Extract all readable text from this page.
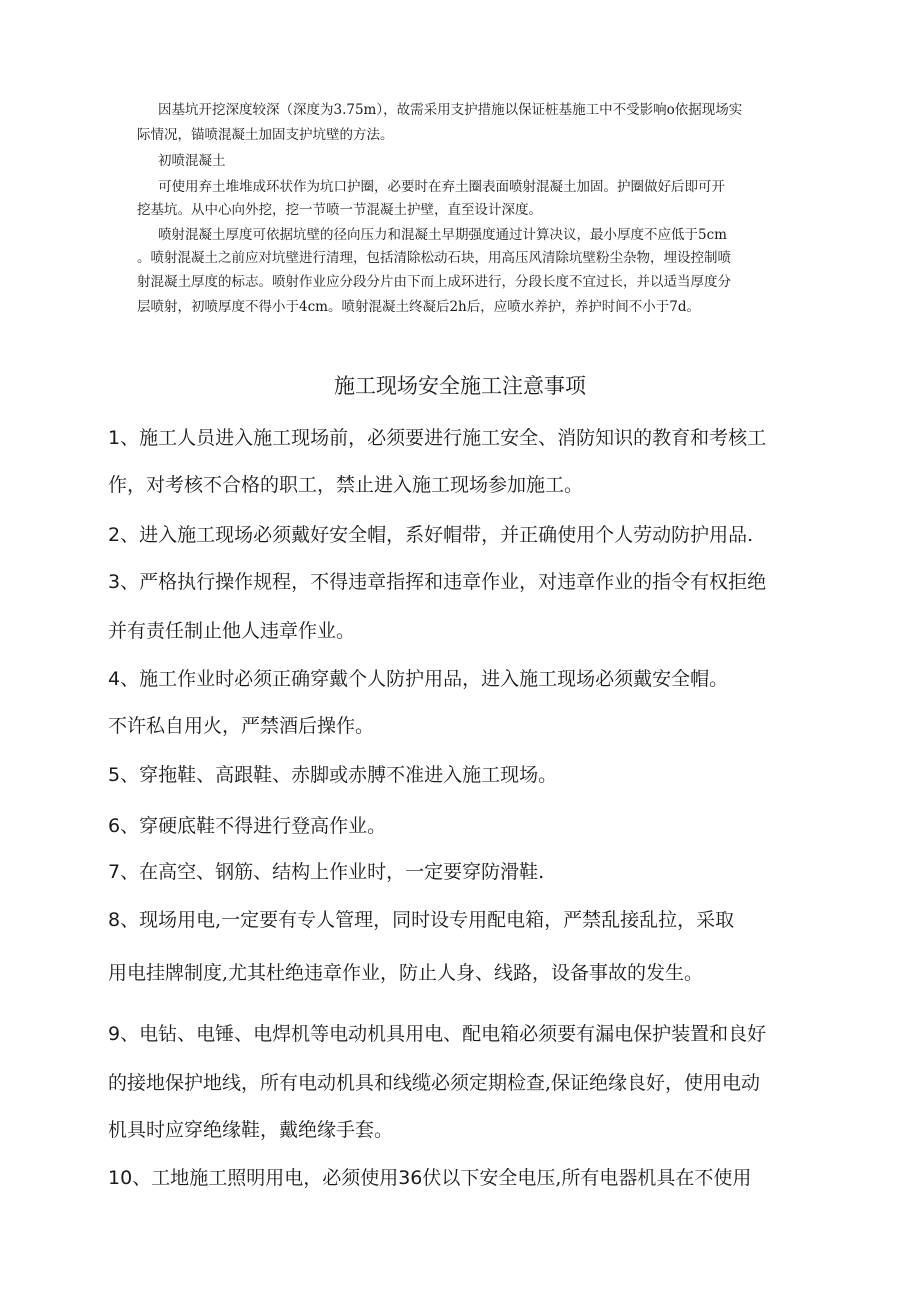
因基坑开挖深度较深（深度为3.75m），故需采用支护措施以保证桩基施工中不受影响o依据现场实
际情况，锚喷混凝土加固支护坑壁的方法。
初喷混凝土
可使用弃土堆堆成环状作为坑口护圈，必要时在弃土圈表面喷射混凝土加固。护圈做好后即可开
挖基坑。从中心向外挖，挖一节喷一节混凝土护壁，直至设计深度。
喷射混凝土厚度可依据坑壁的径向压力和混凝土早期强度通过计算决议，最小厚度不应低于5cm
。喷射混凝土之前应对坑壁进行清理，包括清除松动石块，用高压风清除坑壁粉尘杂物，埋设控制喷
射混凝土厚度的标志。喷射作业应分段分片由下而上成环进行，分段长度不宜过长，并以适当厚度分
层喷射，初喷厚度不得小于4cm。喷射混凝土终凝后2h后，应喷水养护，养护时间不小于7d。
施工现场安全施工注意事项
1、施工人员进入施工现场前，必须要进行施工安全、消防知识的教育和考核工
作，对考核不合格的职工，禁止进入施工现场参加施工。
2、进入施工现场必须戴好安全帽，系好帽带，并正确使用个人劳动防护用品.
3、严格执行操作规程，不得违章指挥和违章作业，对违章作业的指令有权拒绝
并有责任制止他人违章作业。
4、施工作业时必须正确穿戴个人防护用品，进入施工现场必须戴安全帽。
不许私自用火，严禁酒后操作。
5、穿拖鞋、高跟鞋、赤脚或赤膊不准进入施工现场。
6、穿硬底鞋不得进行登高作业。
7、在高空、钢筋、结构上作业时，一定要穿防滑鞋.
8、现场用电,一定要有专人管理，同时设专用配电箱，严禁乱接乱拉，采取
用电挂牌制度,尤其杜绝违章作业，防止人身、线路，设备事故的发生。
9、电钻、电锤、电焊机等电动机具用电、配电箱必须要有漏电保护装置和良好
的接地保护地线，所有电动机具和线缆必须定期检查,保证绝缘良好，使用电动
机具时应穿绝缘鞋，戴绝缘手套。
10、工地施工照明用电，必须使用36伏以下安全电压,所有电器机具在不使用
